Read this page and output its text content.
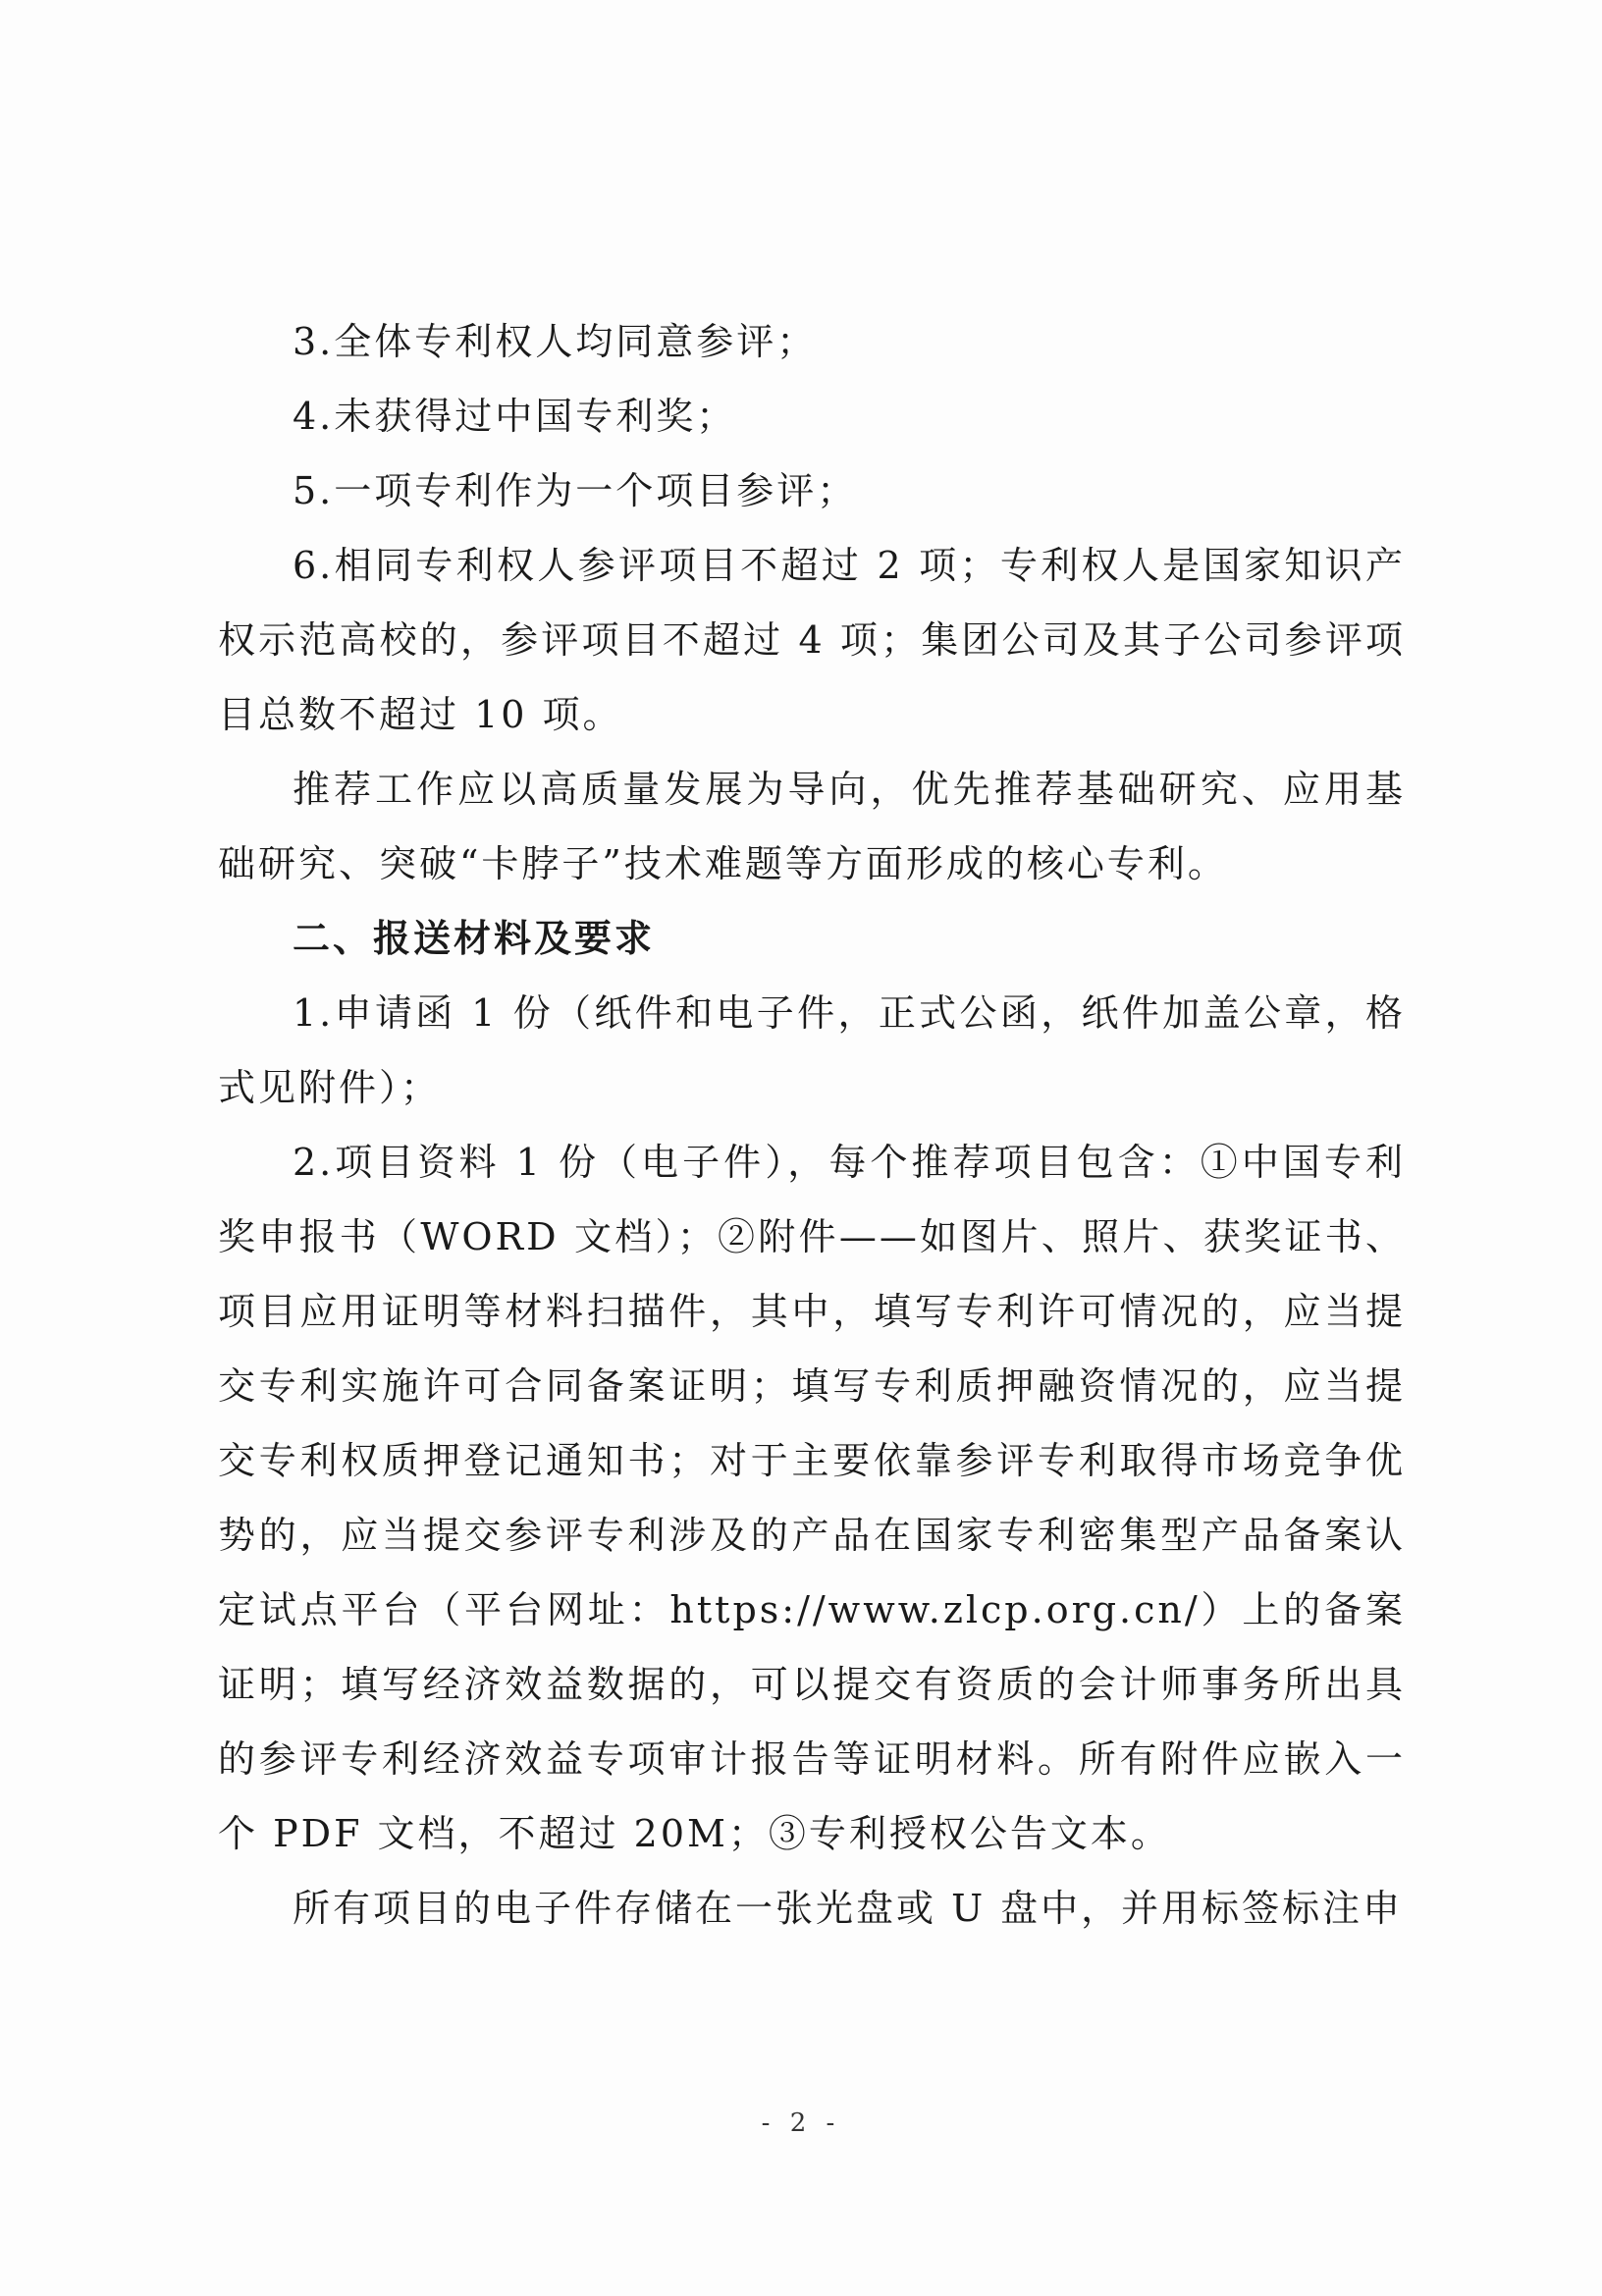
3.全体专利权人均同意参评；

4.未获得过中国专利奖；

5.一项专利作为一个项目参评；

6.相同专利权人参评项目不超过 2 项；专利权人是国家知识产权示范高校的，参评项目不超过 4 项；集团公司及其子公司参评项目总数不超过 10 项。

推荐工作应以高质量发展为导向，优先推荐基础研究、应用基础研究、突破“卡脖子”技术难题等方面形成的核心专利。

二、报送材料及要求

1.申请函 1 份（纸件和电子件，正式公函，纸件加盖公章，格式见附件）；

2.项目资料 1 份（电子件），每个推荐项目包含：①中国专利奖申报书（WORD 文档）；②附件——如图片、照片、获奖证书、项目应用证明等材料扫描件，其中，填写专利许可情况的，应当提交专利实施许可合同备案证明；填写专利质押融资情况的，应当提交专利权质押登记通知书；对于主要依靠参评专利取得市场竞争优势的，应当提交参评专利涉及的产品在国家专利密集型产品备案认定试点平台（平台网址：https://www.zlcp.org.cn/）上的备案证明；填写经济效益数据的，可以提交有资质的会计师事务所出具的参评专利经济效益专项审计报告等证明材料。所有附件应嵌入一个 PDF 文档，不超过 20M；③专利授权公告文本。

所有项目的电子件存储在一张光盘或 U 盘中，并用标签标注申

- 2 -
